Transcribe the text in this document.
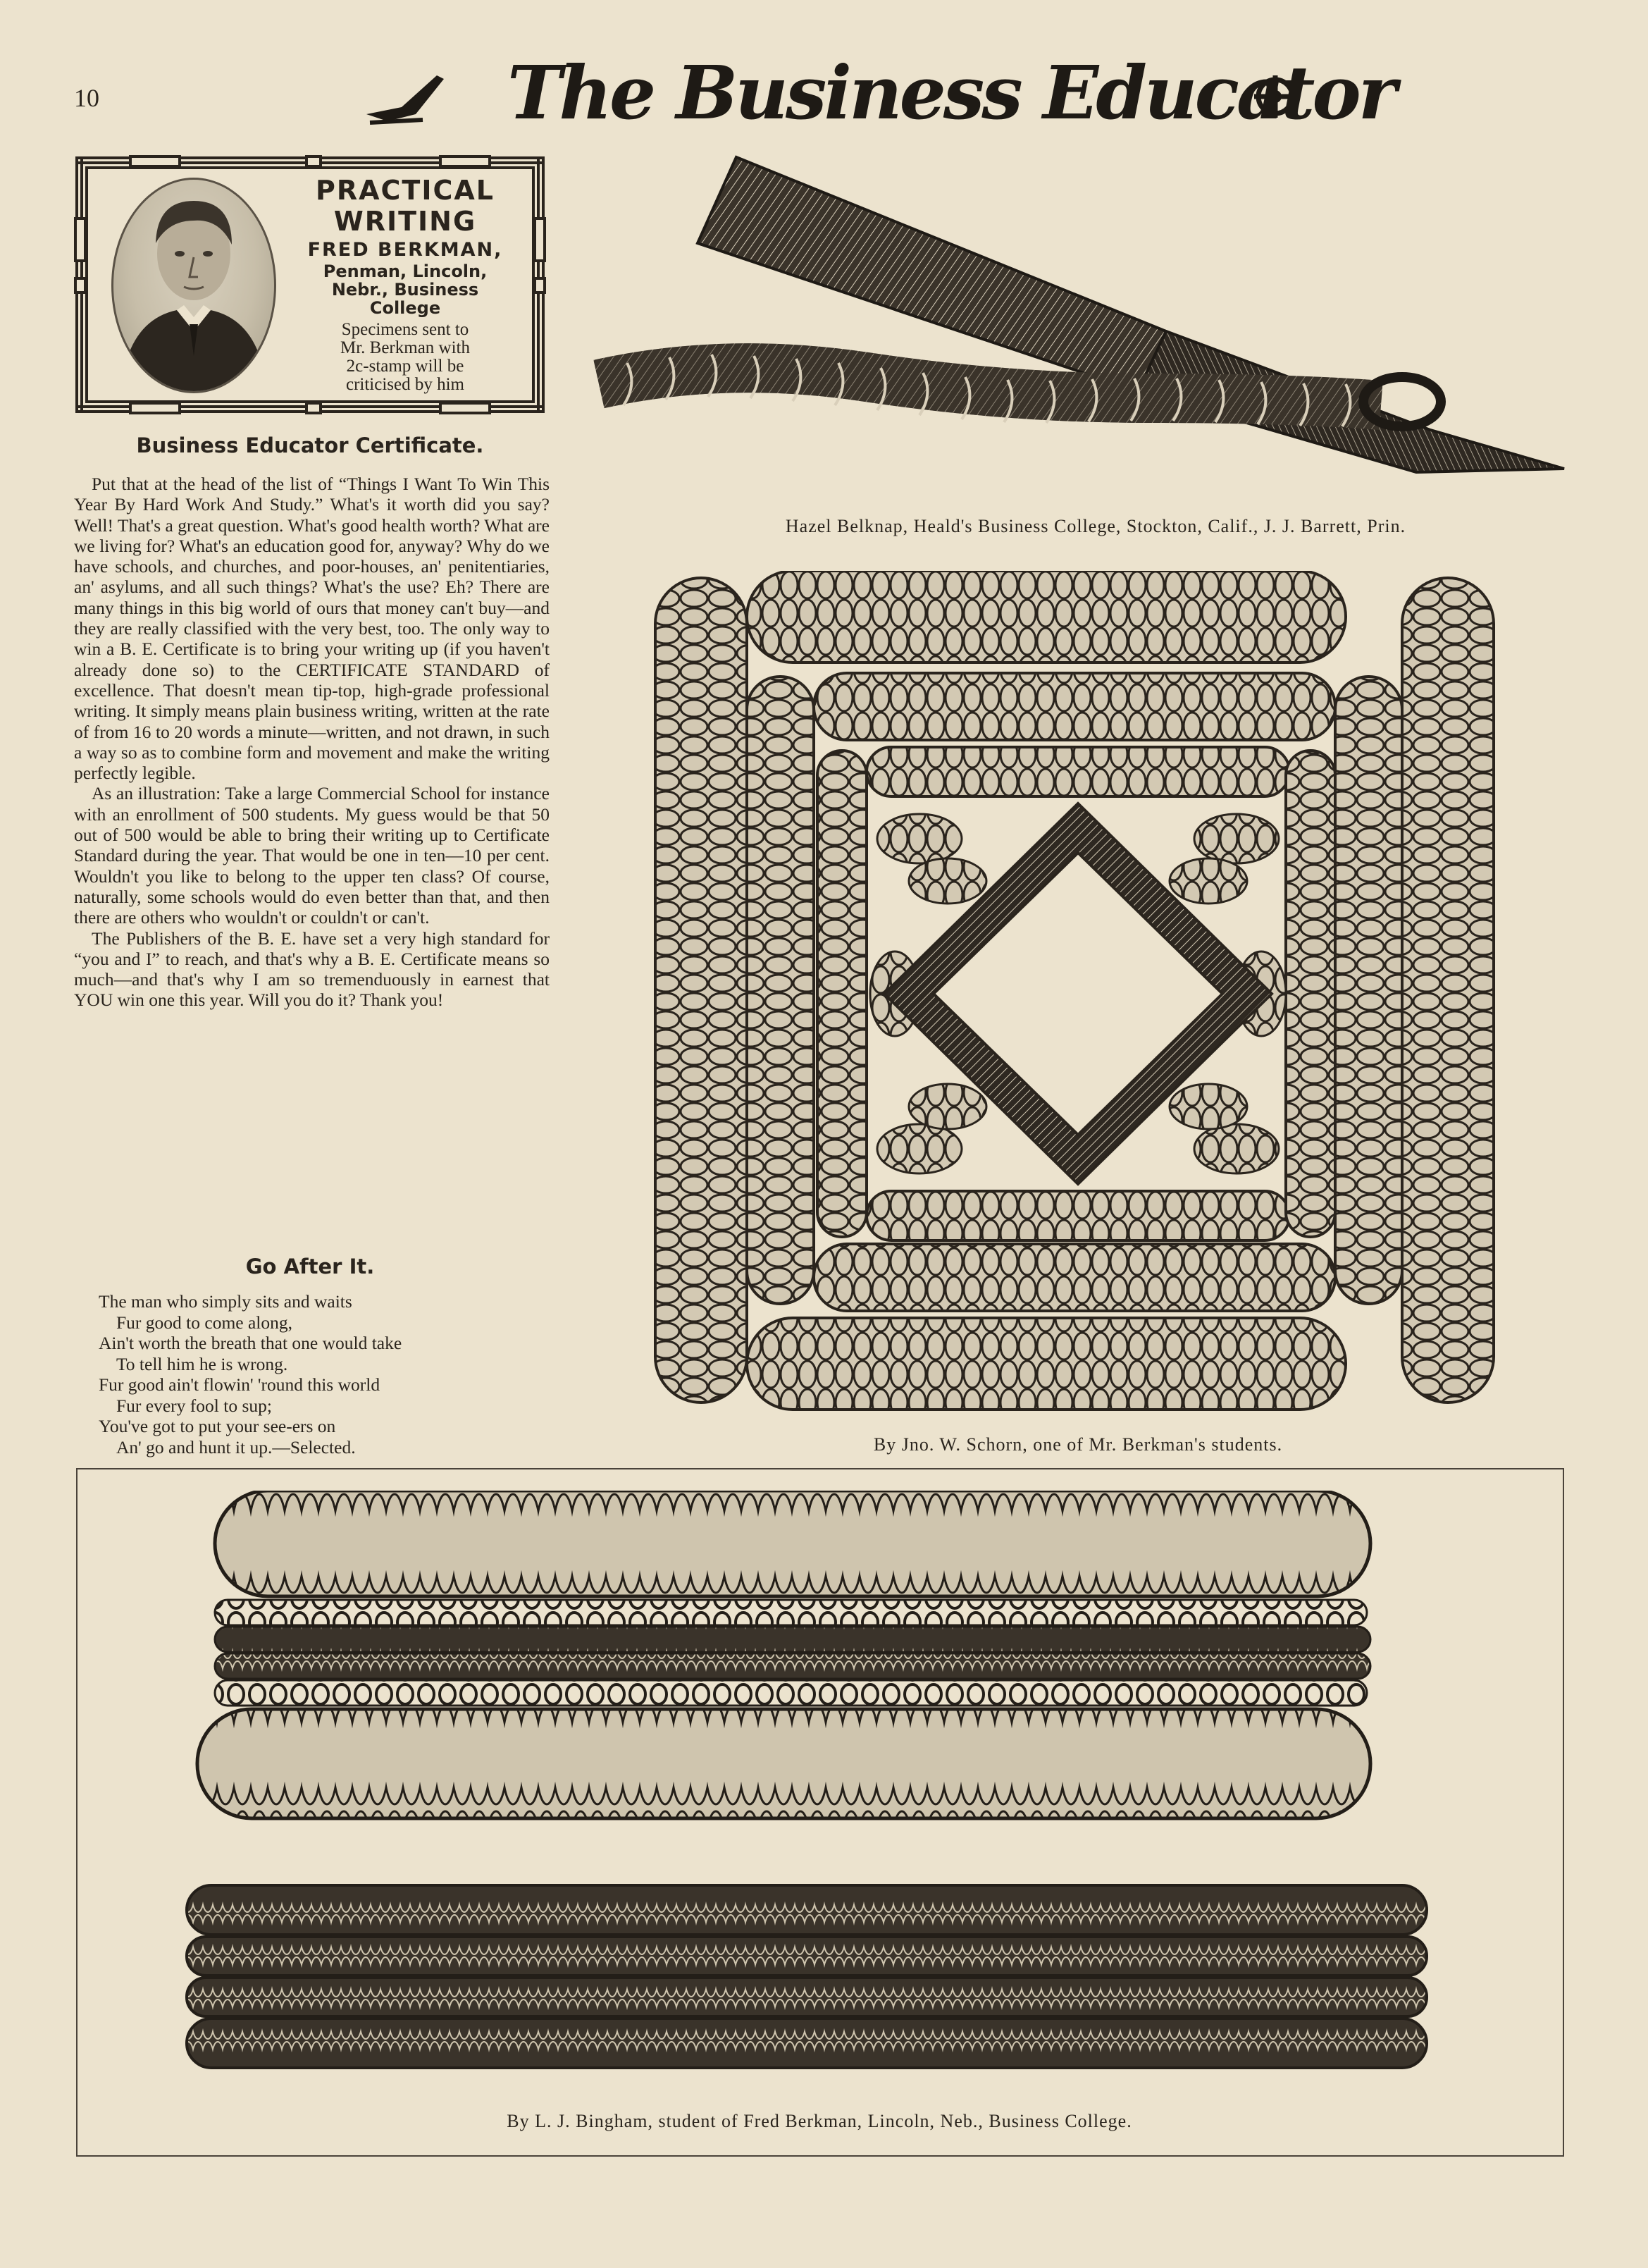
10	The Business Educator
PRACTICAL
WRITING
FRED BERKMAN,
Penman, Lincoln,
Nebr., Business
College
Specimens sent to
Mr. Berkman with
2c-stamp will be
criticised by him
Business Educator Certificate.

Put that at the head of the list of “Things I Want To Win This Year By Hard Work And Study.” What's it worth did you say? Well! That's a great question. What's good health worth? What are we living for? What's an education good for, anyway? Why do we have schools, and churches, and poor-houses, an' penitentiaries, an' asylums, and all such things? What's the use? Eh? There are many things in this big world of ours that money can't buy—and they are really classified with the very best, too. The only way to win a B. E. Certificate is to bring your writing up (if you haven't already done so) to the CERTIFICATE STANDARD of excellence. That doesn't mean tip-top, high-grade professional writing. It simply means plain business writing, written at the rate of from 16 to 20 words a minute—written, and not drawn, in such a way so as to combine form and movement and make the writing perfectly legible.

As an illustration: Take a large Commercial School for instance with an enrollment of 500 students. My guess would be that 50 out of 500 would be able to bring their writing up to Certificate Standard during the year. That would be one in ten—10 per cent. Wouldn't you like to belong to the upper ten class? Of course, naturally, some schools would do even better than that, and then there are others who wouldn't or couldn't or can't.

The Publishers of the B. E. have set a very high standard for “you and I” to reach, and that's why a B. E. Certificate means so much—and that's why I am so tremenduously in earnest that YOU win one this year. Will you do it? Thank you!

Go After It.
The man who simply sits and waits
Fur good to come along,
Ain't worth the breath that one would take
To tell him he is wrong.
Fur good ain't flowin' 'round this world
Fur every fool to sup;
You've got to put your see-ers on
An' go and hunt it up.—Selected.
Hazel Belknap, Heald's Business College, Stockton, Calif., J. J. Barrett, Prin.
By Jno. W. Schorn, one of Mr. Berkman's students.
By L. J. Bingham, student of Fred Berkman, Lincoln, Neb., Business College.
